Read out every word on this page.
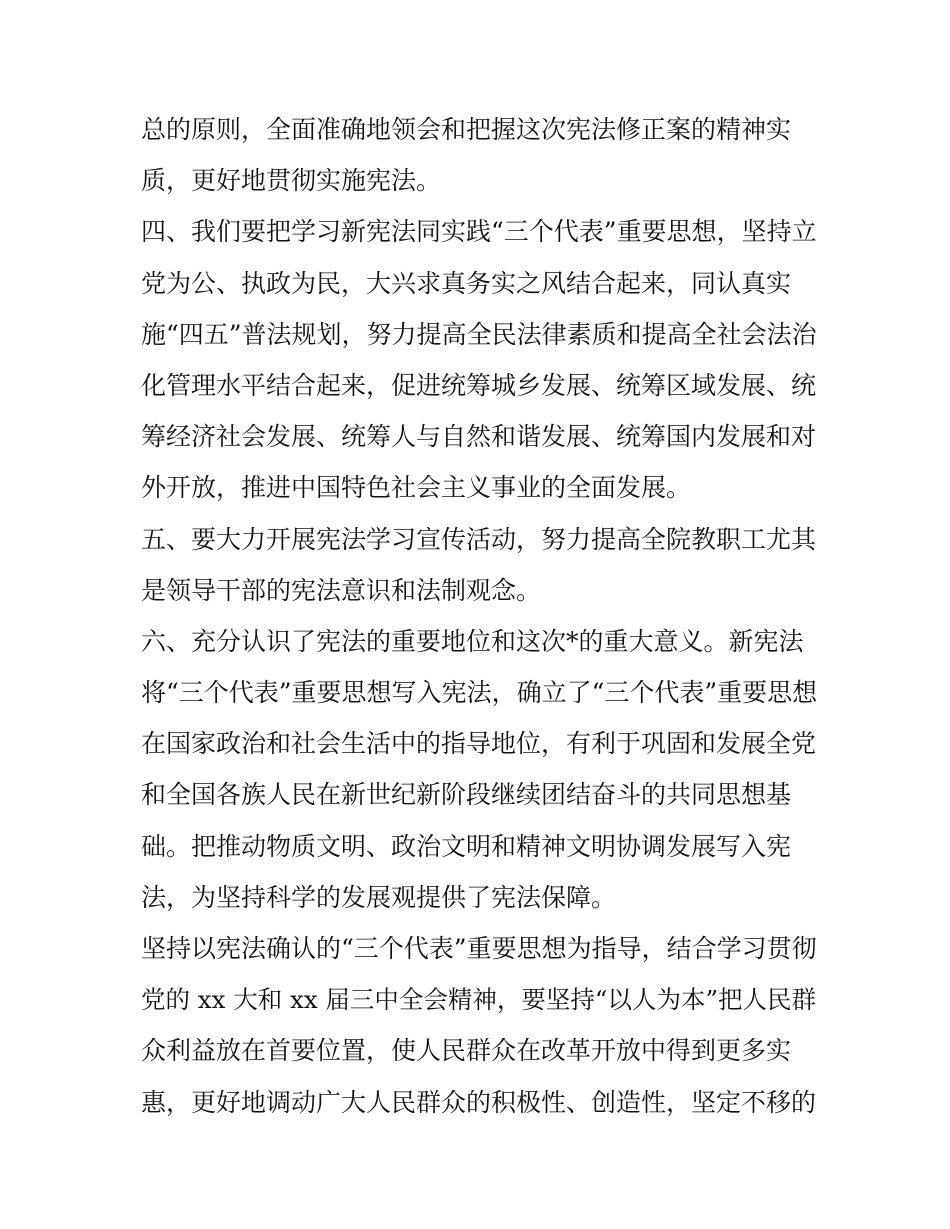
总的原则，全面准确地领会和把握这次宪法修正案的精神实
质，更好地贯彻实施宪法。
四、我们要把学习新宪法同实践“三个代表”重要思想，坚持立
党为公、执政为民，大兴求真务实之风结合起来，同认真实
施“四五”普法规划，努力提高全民法律素质和提高全社会法治
化管理水平结合起来，促进统筹城乡发展、统筹区域发展、统
筹经济社会发展、统筹人与自然和谐发展、统筹国内发展和对
外开放，推进中国特色社会主义事业的全面发展。
五、要大力开展宪法学习宣传活动，努力提高全院教职工尤其
是领导干部的宪法意识和法制观念。
六、充分认识了宪法的重要地位和这次*的重大意义。新宪法
将“三个代表”重要思想写入宪法，确立了“三个代表”重要思想
在国家政治和社会生活中的指导地位，有利于巩固和发展全党
和全国各族人民在新世纪新阶段继续团结奋斗的共同思想基
础。把推动物质文明、政治文明和精神文明协调发展写入宪
法，为坚持科学的发展观提供了宪法保障。
坚持以宪法确认的“三个代表”重要思想为指导，结合学习贯彻
党的 xx 大和 xx 届三中全会精神，要坚持“以人为本”把人民群
众利益放在首要位置，使人民群众在改革开放中得到更多实
惠，更好地调动广大人民群众的积极性、创造性，坚定不移的
